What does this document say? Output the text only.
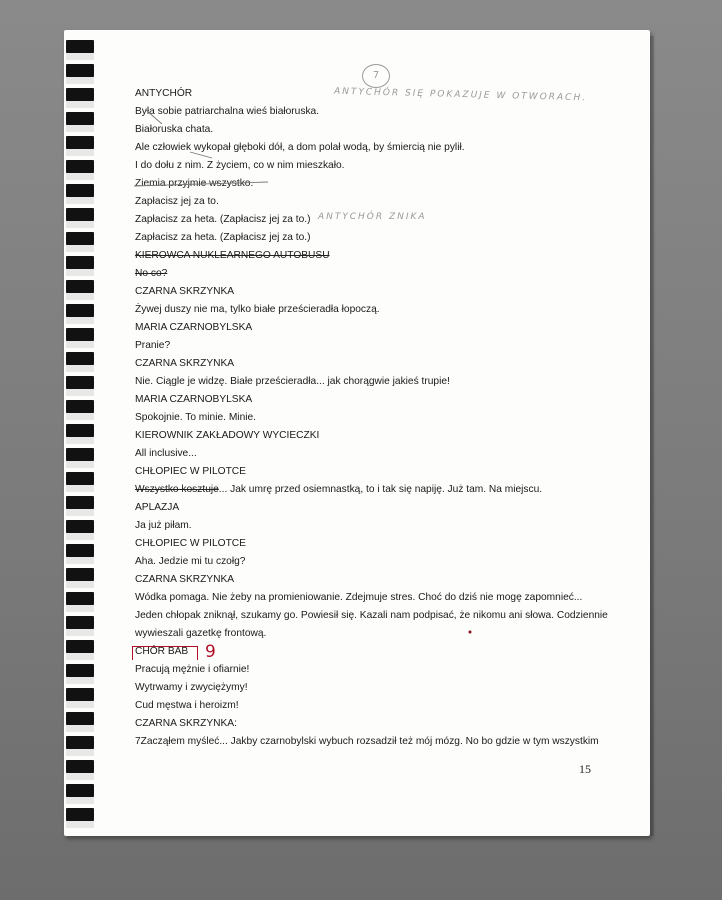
ANTYCHÓR
Była sobie patriarchalna wieś białoruska.
Białoruska chata.
Ale człowiek wykopał głęboki dół, a dom polał wodą, by śmiercią nie pylił.
I do dołu z nim. Z życiem, co w nim mieszkało.
Ziemia przyjmie wszystko.
Zapłacisz jej za to.
Zapłacisz za heta. (Zapłacisz jej za to.)
Zapłacisz za heta. (Zapłacisz jej za to.)
KIEROWCA NUKLEARNEGO AUTOBUSU
No co?
CZARNA SKRZYNKA
Żywej duszy nie ma, tylko białe prześcieradła łopoczą.
MARIA CZARNOBYLSKA
Pranie?
CZARNA SKRZYNKA
Nie. Ciągle je widzę. Białe prześcieradła... jak chorągwie jakieś trupie!
MARIA CZARNOBYLSKA
Spokojnie. To minie. Minie.
KIEROWNIK ZAKŁADOWY WYCIECZKI
All inclusive...
CHŁOPIEC W PILOTCE
Wszystko kosztuje... Jak umrę przed osiemnastką, to i tak się napiję. Już tam. Na miejscu.
APLAZJA
Ja już piłam.
CHŁOPIEC W PILOTCE
Aha. Jedzie mi tu czołg?
CZARNA SKRZYNKA
Wódka pomaga. Nie żeby na promieniowanie. Zdejmuje stres. Choć do dziś nie mogę zapomnieć...
Jeden chłopak zniknął, szukamy go. Powiesił się. Kazali nam podpisać, że nikomu ani słowa. Codziennie
wywieszali gazetkę frontową.
CHÓR BAB
Pracują mężnie i ofiarnie!
Wytrwamy i zwyciężymy!
Cud męstwa i heroizm!
CZARNA SKRZYNKA:
7Zacząłem myśleć... Jakby czarnobylski wybuch rozsadził też mój mózg. No bo gdzie w tym wszystkim
7
ANTYCHÓR SIĘ POKAZUJE W OTWORACH.
ANTYCHÓR ZNIKA
9
15
